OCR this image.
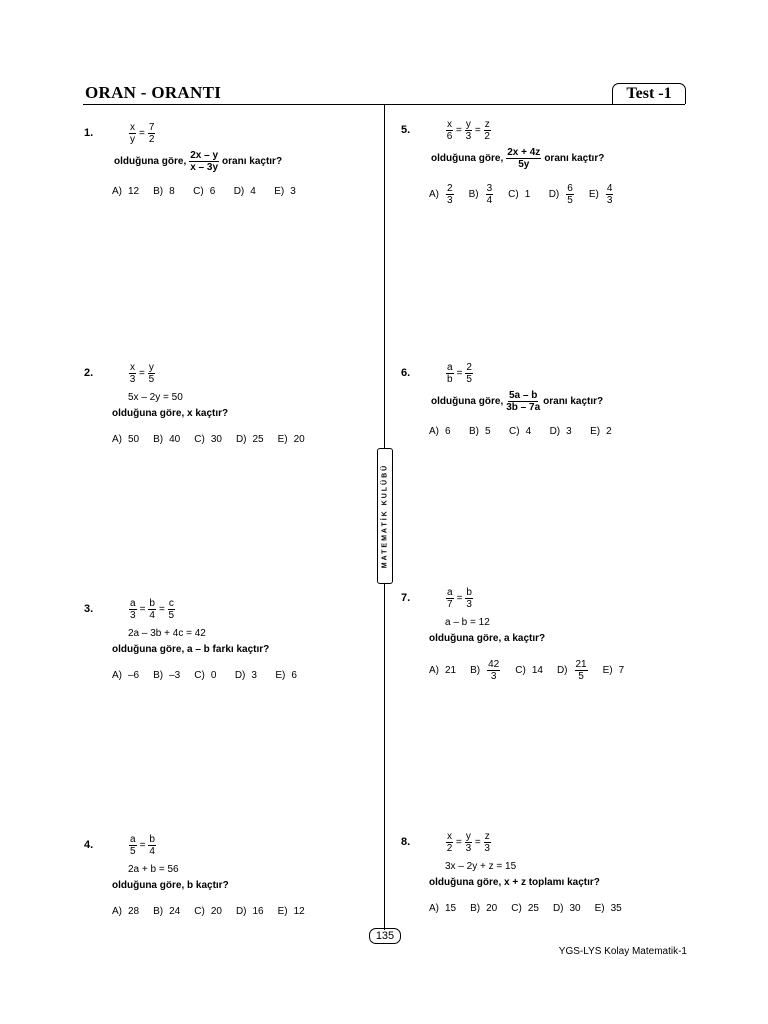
ORAN - ORANTI	Test -1
MATEMATİK KULÜBÜ
1.	$\frac{x}{y} = \frac{7}{2}$
olduğuna göre, $\frac{2x - y}{x - 3y}$ oranı kaçtır?
A) 12 B) 8	C) 6	D) 4	E) 3
2.	$\frac{x}{3} = \frac{y}{5}$
5x – 2y = 50
olduğuna göre, x kaçtır?
A) 50 B) 40 C) 30 D) 25 E) 20
3.	$\frac{a}{3} = \frac{b}{4} = \frac{c}{5}$
2a – 3b + 4c = 42
olduğuna göre, a – b farkı kaçtır?
A) –6 B) –3 C) 0	D) 3	E) 6
4.	$\frac{a}{5} = \frac{b}{4}$
2a + b = 56
olduğuna göre, b kaçtır?
A) 28 B) 24 C) 20 D) 16 E) 12
5.	$\frac{x}{6} = \frac{y}{3} = \frac{z}{2}$
olduğuna göre, $\frac{2x + 4z}{5y}$ oranı kaçtır?
$A) \frac{2}{3} B) \frac{3}{4} C$) 1	$D) \frac{6}{5} E) \frac{4}{3}$
6.	$\frac{a}{b} = \frac{2}{5}$
olduğuna göre, $\frac{5a - b}{3b - 7a}$ oranı kaçtır?
A) 6	B) 5	C) 4	D) 3	E) 2
7.	$\frac{a}{7} = \frac{b}{3}$
a – b = 12
olduğuna göre, a kaçtır?
A) 21 $B) \frac{42}{3} C$) 14 $D) \frac{21}{5} E$) 7
8.	$\frac{x}{2} = \frac{y}{3} = \frac{z}{3}$
3x – 2y + z = 15
olduğuna göre, x + z toplamı kaçtır?
A) 15 B) 20 C) 25 D) 30 E) 35
135
YGS-LYS Kolay Matematik-1
